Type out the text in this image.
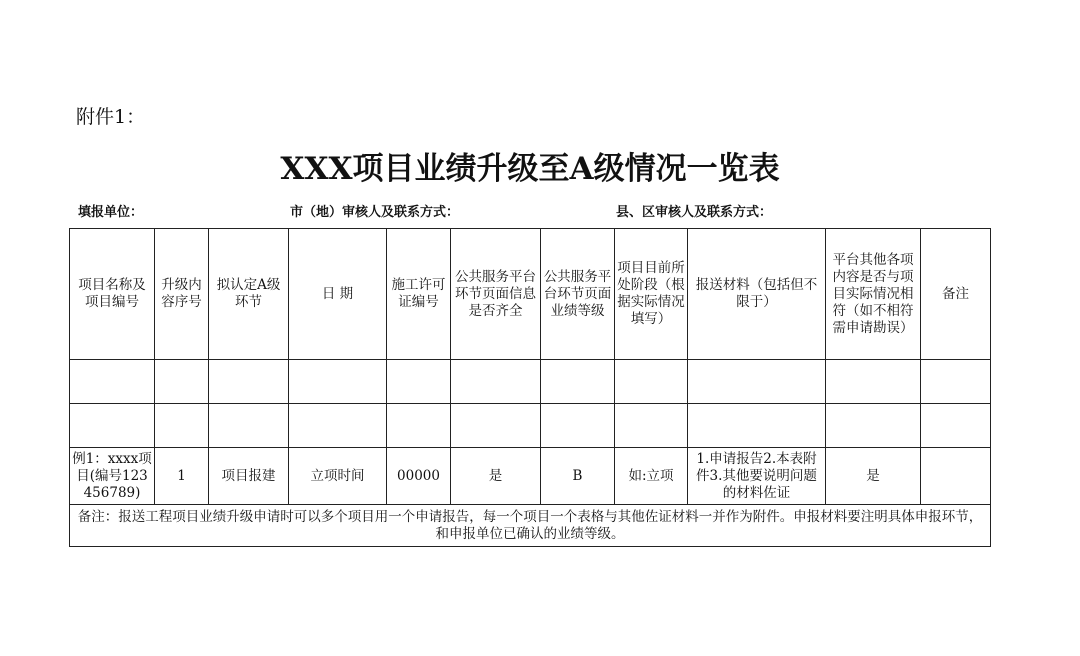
附件1：
XXX项目业绩升级至A级情况一览表
填报单位：	市（地）审核人及联系方式：	县、区审核人及联系方式：
项目名称及项目编号	升级内容序号	拟认定A级环节	日 期	施工许可证编号	公共服务平台环节页面信息是否齐全	公共服务平台环节页面业绩等级	项目目前所处阶段（根据实际情况填写）	报送材料（包括但不限于）	平台其他各项内容是否与项目实际情况相符（如不相符需申请勘误）	备注

例1：xxxx项目(编号123456789)	1	项目报建	立项时间	00000	是	B	如:立项	1.申请报告2.本表附件3.其他要说明问题的材料佐证	是	
备注：报送工程项目业绩升级申请时可以多个项目用一个申请报告，每一个项目一个表格与其他佐证材料一并作为附件。申报材料要注明具体申报环节，和申报单位已确认的业绩等级。										
